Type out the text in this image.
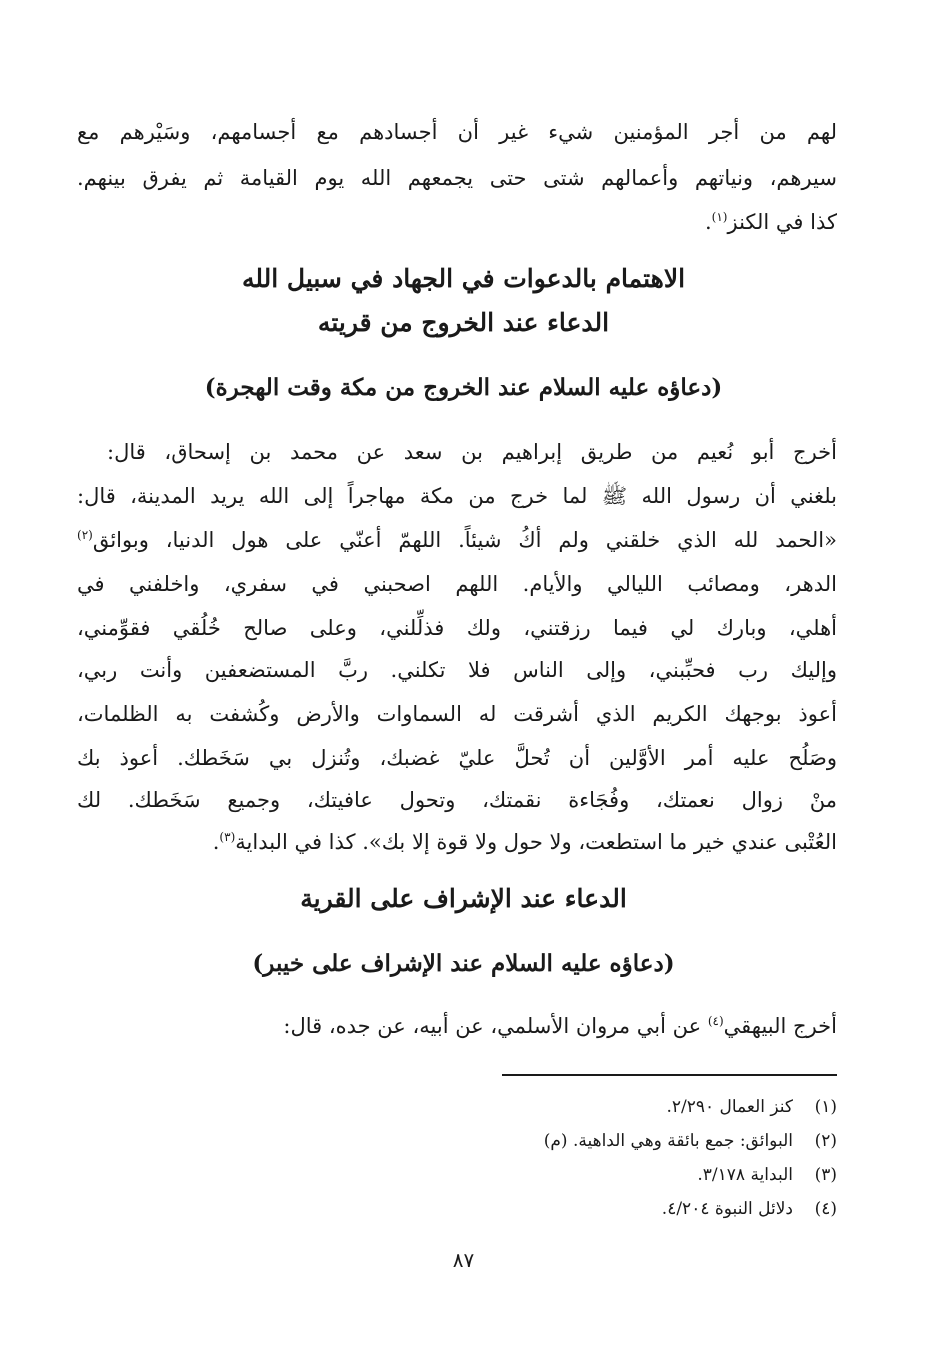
لهم من أجر المؤمنين شيء غير أن أجسادهم مع أجسامهم، وسَيْرهم مع
سيرهم، ونياتهم وأعمالهم شتى حتى يجمعهم الله يوم القيامة ثم يفرق بينهم.
كذا في الكنز$^{(١)}$.
الاهتمام بالدعوات في الجهاد في سبيل الله
الدعاء عند الخروج من قريته
(دعاؤه عليه السلام عند الخروج من مكة وقت الهجرة)
أخرج أبو نُعيم من طريق إبراهيم بن سعد عن محمد بن إسحاق، قال:
بلغني أن رسول الله ﷺ لما خرج من مكة مهاجراً إلى الله يريد المدينة، قال:
«الحمد لله الذي خلقني ولم أكُ شيئاً. اللهمّ أعنّي على هول الدنيا، وبوائق$^{(٢)}$
الدهر، ومصائب الليالي والأيام. اللهم اصحبني في سفري، واخلفني في
أهلي، وبارك لي فيما رزقتني، ولك فذلِّلني، وعلى صالح خُلُقي فقوِّمني،
وإليك رب فحبِّبني، وإلى الناس فلا تكلني. ربَّ المستضعفين وأنت ربي،
أعوذ بوجهك الكريم الذي أشرقت له السماوات والأرض وكُشفت به الظلمات،
وصَلُح عليه أمر الأوَّلين أن تُحلَّ عليّ غضبك، وتُنزل بي سَخَطك. أعوذ بك
منْ زوال نعمتك، وفُجَاءة نقمتك، وتحول عافيتك، وجميع سَخَطك. لك
العُتْبى عندي خير ما استطعت، ولا حول ولا قوة إلا بك». كذا في البداية$^{(٣)}$.
الدعاء عند الإشراف على القرية
(دعاؤه عليه السلام عند الإشراف على خيبر)
أخرج البيهقي$^{(٤)}$ عن أبي مروان الأسلمي، عن أبيه، عن جده، قال:
(١)كنز العمال ٢/٢٩٠.
(٢)البوائق: جمع بائقة وهي الداهية. (م)
(٣)البداية ٣/١٧٨.
(٤)دلائل النبوة ٤/٢٠٤.
٨٧
